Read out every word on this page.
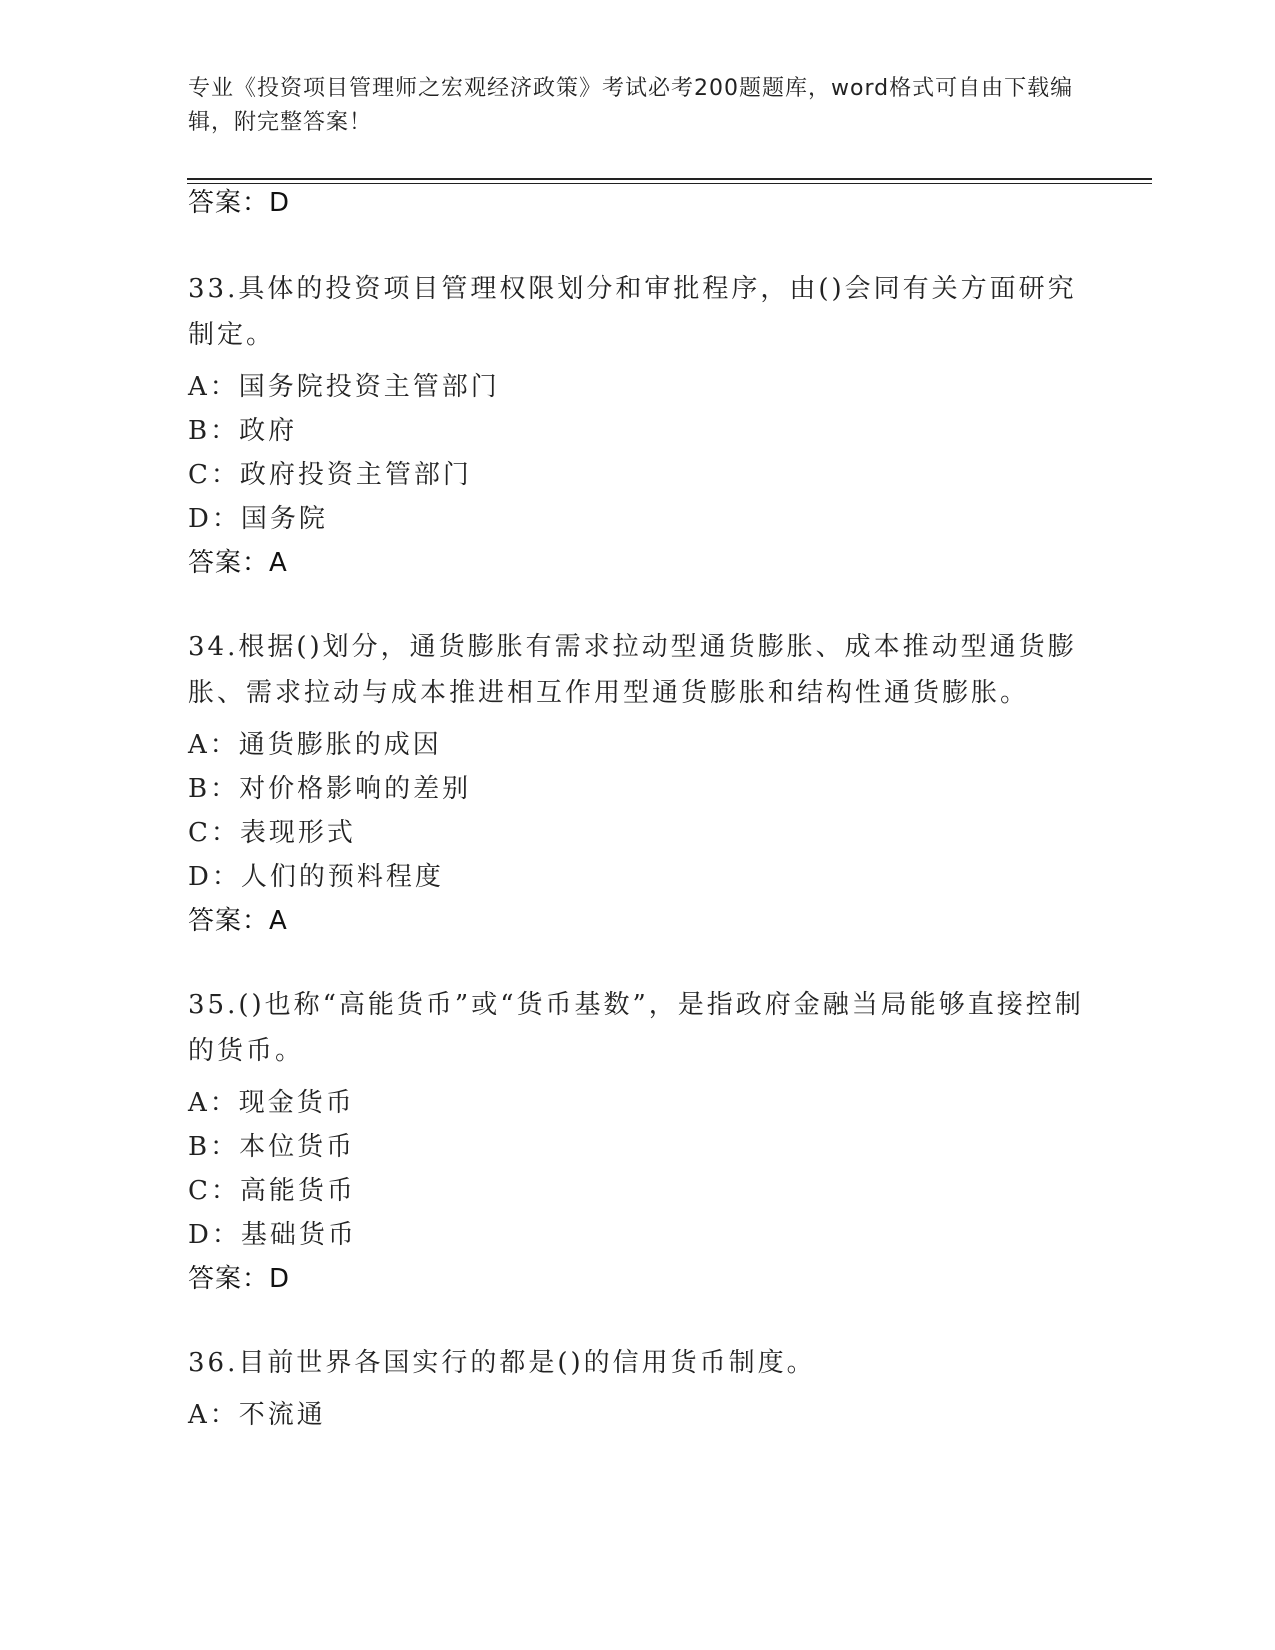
专业《投资项目管理师之宏观经济政策》考试必考200题题库，word格式可自由下载编辑，附完整答案！
答案：D
33.具体的投资项目管理权限划分和审批程序，由()会同有关方面研究制定。
A：国务院投资主管部门
B：政府
C：政府投资主管部门
D：国务院
答案：A
34.根据()划分，通货膨胀有需求拉动型通货膨胀、成本推动型通货膨胀、需求拉动与成本推进相互作用型通货膨胀和结构性通货膨胀。
A：通货膨胀的成因
B：对价格影响的差别
C：表现形式
D：人们的预料程度
答案：A
35.()也称“高能货币”或“货币基数”，是指政府金融当局能够直接控制的货币。
A：现金货币
B：本位货币
C：高能货币
D：基础货币
答案：D
36.目前世界各国实行的都是()的信用货币制度。
A：不流通
